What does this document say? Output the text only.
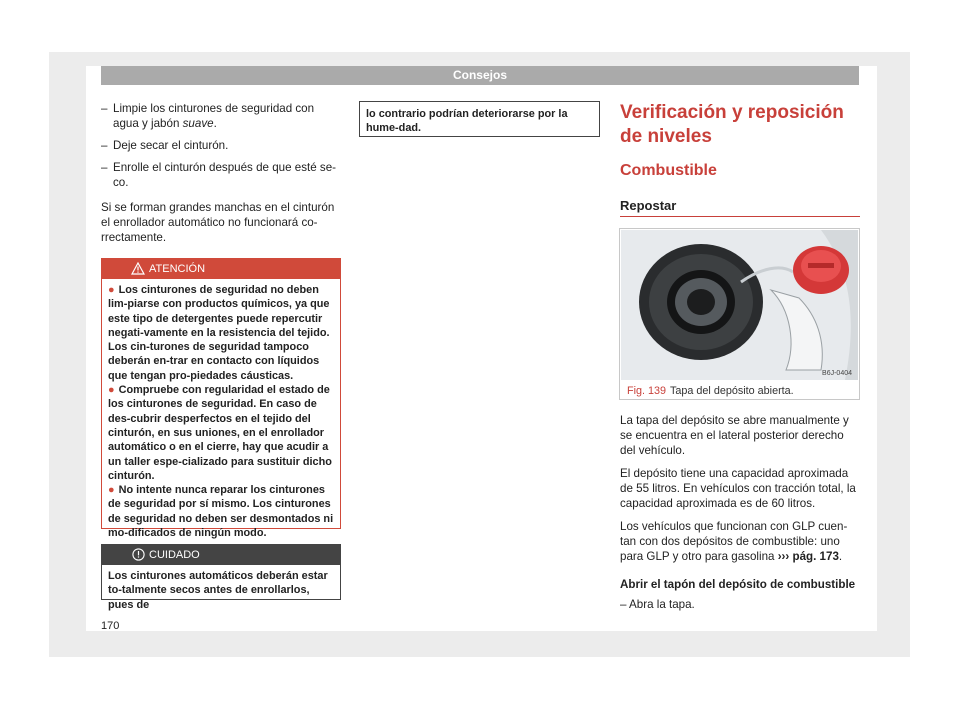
Consejos
– Limpie los cinturones de seguridad con agua y jabón suave.
– Deje secar el cinturón.
– Enrolle el cinturón después de que esté se-co.
Si se forman grandes manchas en el cinturón el enrollador automático no funcionará co-rrectamente.
ATENCIÓN
● Los cinturones de seguridad no deben lim-piarse con productos químicos, ya que este tipo de detergentes puede repercutir negati-vamente en la resistencia del tejido. Los cin-turones de seguridad tampoco deberán en-trar en contacto con líquidos que tengan pro-piedades cáusticas.
● Compruebe con regularidad el estado de los cinturones de seguridad. En caso de des-cubrir desperfectos en el tejido del cinturón, en sus uniones, en el enrollador automático o en el cierre, hay que acudir a un taller espe-cializado para sustituir dicho cinturón.
● No intente nunca reparar los cinturones de seguridad por sí mismo. Los cinturones de seguridad no deben ser desmontados ni mo-dificados de ningún modo.
CUIDADO
Los cinturones automáticos deberán estar to-talmente secos antes de enrollarlos, pues de
lo contrario podrían deteriorarse por la hume-dad.
Verificación y reposición de niveles
Combustible
Repostar
B6J-0404
Fig. 139 Tapa del depósito abierta.
La tapa del depósito se abre manualmente y se encuentra en el lateral posterior derecho del vehículo.
El depósito tiene una capacidad aproximada de 55 litros. En vehículos con tracción total, la capacidad aproximada es de 60 litros.
Los vehículos que funcionan con GLP cuen-tan con dos depósitos de combustible: uno para GLP y otro para gasolina ››› pág. 173.
Abrir el tapón del depósito de combustible
– Abra la tapa.
170
